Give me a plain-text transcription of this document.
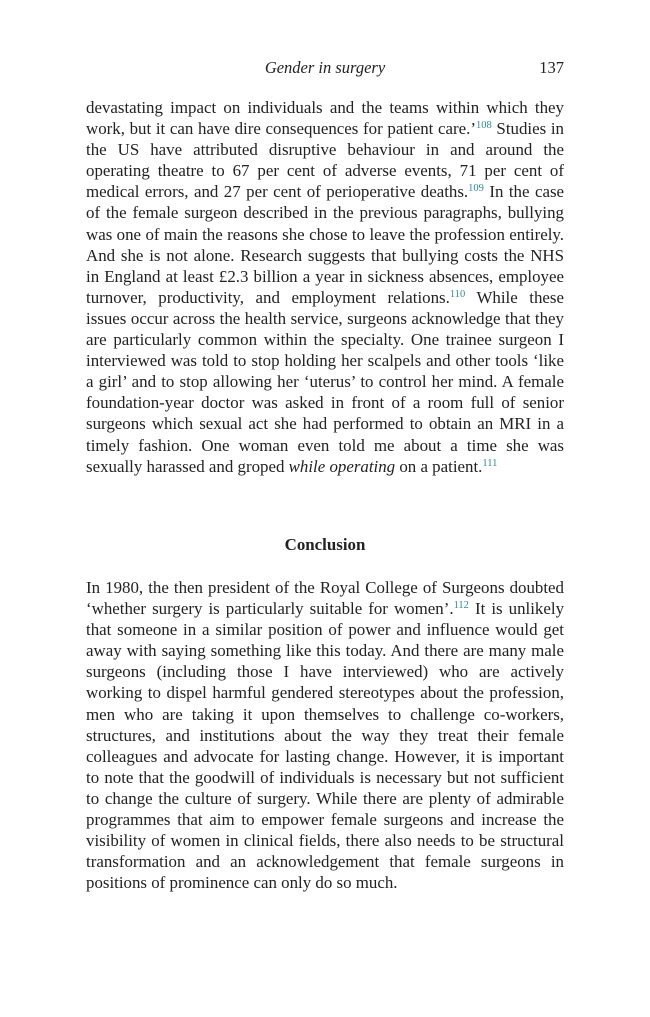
Gender in surgery	137

devastating impact on individuals and the teams within which they work, but it can have dire consequences for patient care.’$^{108}$ Studies in the US have attributed disruptive behaviour in and around the operating theatre to 67 per cent of adverse events, 71 per cent of medical errors, and 27 per cent of perioperative deaths.$^{109}$ In the case of the female surgeon described in the previous paragraphs, bullying was one of main the reasons she chose to leave the profession entirely. And she is not alone. Research suggests that bullying costs the NHS in England at least £2.3 billion a year in sickness absences, employee turnover, productivity, and employment relations.$^{110}$ While these issues occur across the health service, surgeons acknowledge that they are particularly common within the specialty. One trainee surgeon I interviewed was told to stop holding her scalpels and other tools ‘like a girl’ and to stop allowing her ‘uterus’ to control her mind. A female foundation-year doctor was asked in front of a room full of senior surgeons which sexual act she had performed to obtain an MRI in a timely fashion. One woman even told me about a time she was sexually harassed and groped while operating on a patient.$^{111}$

Conclusion

In 1980, the then president of the Royal College of Surgeons doubted ‘whether surgery is particularly suitable for women’.$^{112}$ It is unlikely that someone in a similar position of power and influence would get away with saying something like this today. And there are many male surgeons (including those I have interviewed) who are actively working to dispel harmful gendered stereotypes about the profession, men who are taking it upon themselves to challenge co-workers, structures, and institutions about the way they treat their female colleagues and advocate for lasting change. However, it is important to note that the goodwill of individuals is necessary but not sufficient to change the culture of surgery. While there are plenty of admirable programmes that aim to empower female surgeons and increase the visibility of women in clinical fields, there also needs to be structural transformation and an acknowledgement that female surgeons in positions of prominence can only do so much.
